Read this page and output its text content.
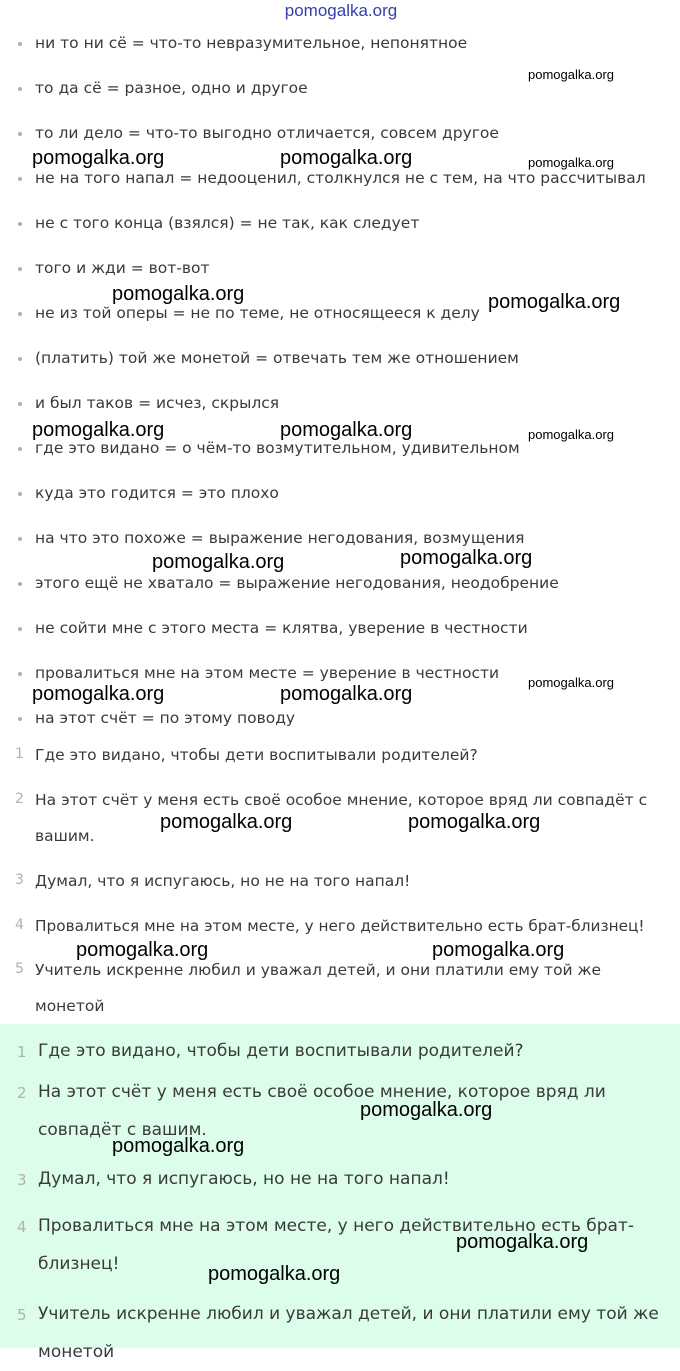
pomogalka.org
ни то ни сё = что-то невразумительное, непонятное
то да сё = разное, одно и другое
то ли дело = что-то выгодно отличается, совсем другое
не на того напал = недооценил, столкнулся не с тем, на что рассчитывал
не с того конца (взялся) = не так, как следует
того и жди = вот-вот
не из той оперы = не по теме, не относящееся к делу
(платить) той же монетой = отвечать тем же отношением
и был таков = исчез, скрылся
где это видано = о чём-то возмутительном, удивительном
куда это годится = это плохо
на что это похоже = выражение негодования, возмущения
этого ещё не хватало = выражение негодования, неодобрение
не сойти мне с этого места = клятва, уверение в честности
провалиться мне на этом месте = уверение в честности
на этот счёт = по этому поводу
1 Где это видано, чтобы дети воспитывали родителей?
2 На этот счёт у меня есть своё особое мнение, которое вряд ли совпадёт с вашим.
3 Думал, что я испугаюсь, но не на того напал!
4 Провалиться мне на этом месте, у него действительно есть брат-близнец!
5 Учитель искренне любил и уважал детей, и они платили ему той же монетой
1 Где это видано, чтобы дети воспитывали родителей?
2 На этот счёт у меня есть своё особое мнение, которое вряд ли совпадёт с вашим.
3 Думал, что я испугаюсь, но не на того напал!
4 Провалиться мне на этом месте, у него действительно есть брат-близнец!
5 Учитель искренне любил и уважал детей, и они платили ему той же монетой
pomogalka.org
pomogalka.org	pomogalka.org	pomogalka.org
pomogalka.org	pomogalka.org
pomogalka.org	pomogalka.org	pomogalka.org
pomogalka.org	pomogalka.org
pomogalka.org
pomogalka.org	pomogalka.org
pomogalka.org	pomogalka.org
pomogalka.org	pomogalka.org
pomogalka.org
pomogalka.org
pomogalka.org
pomogalka.org
